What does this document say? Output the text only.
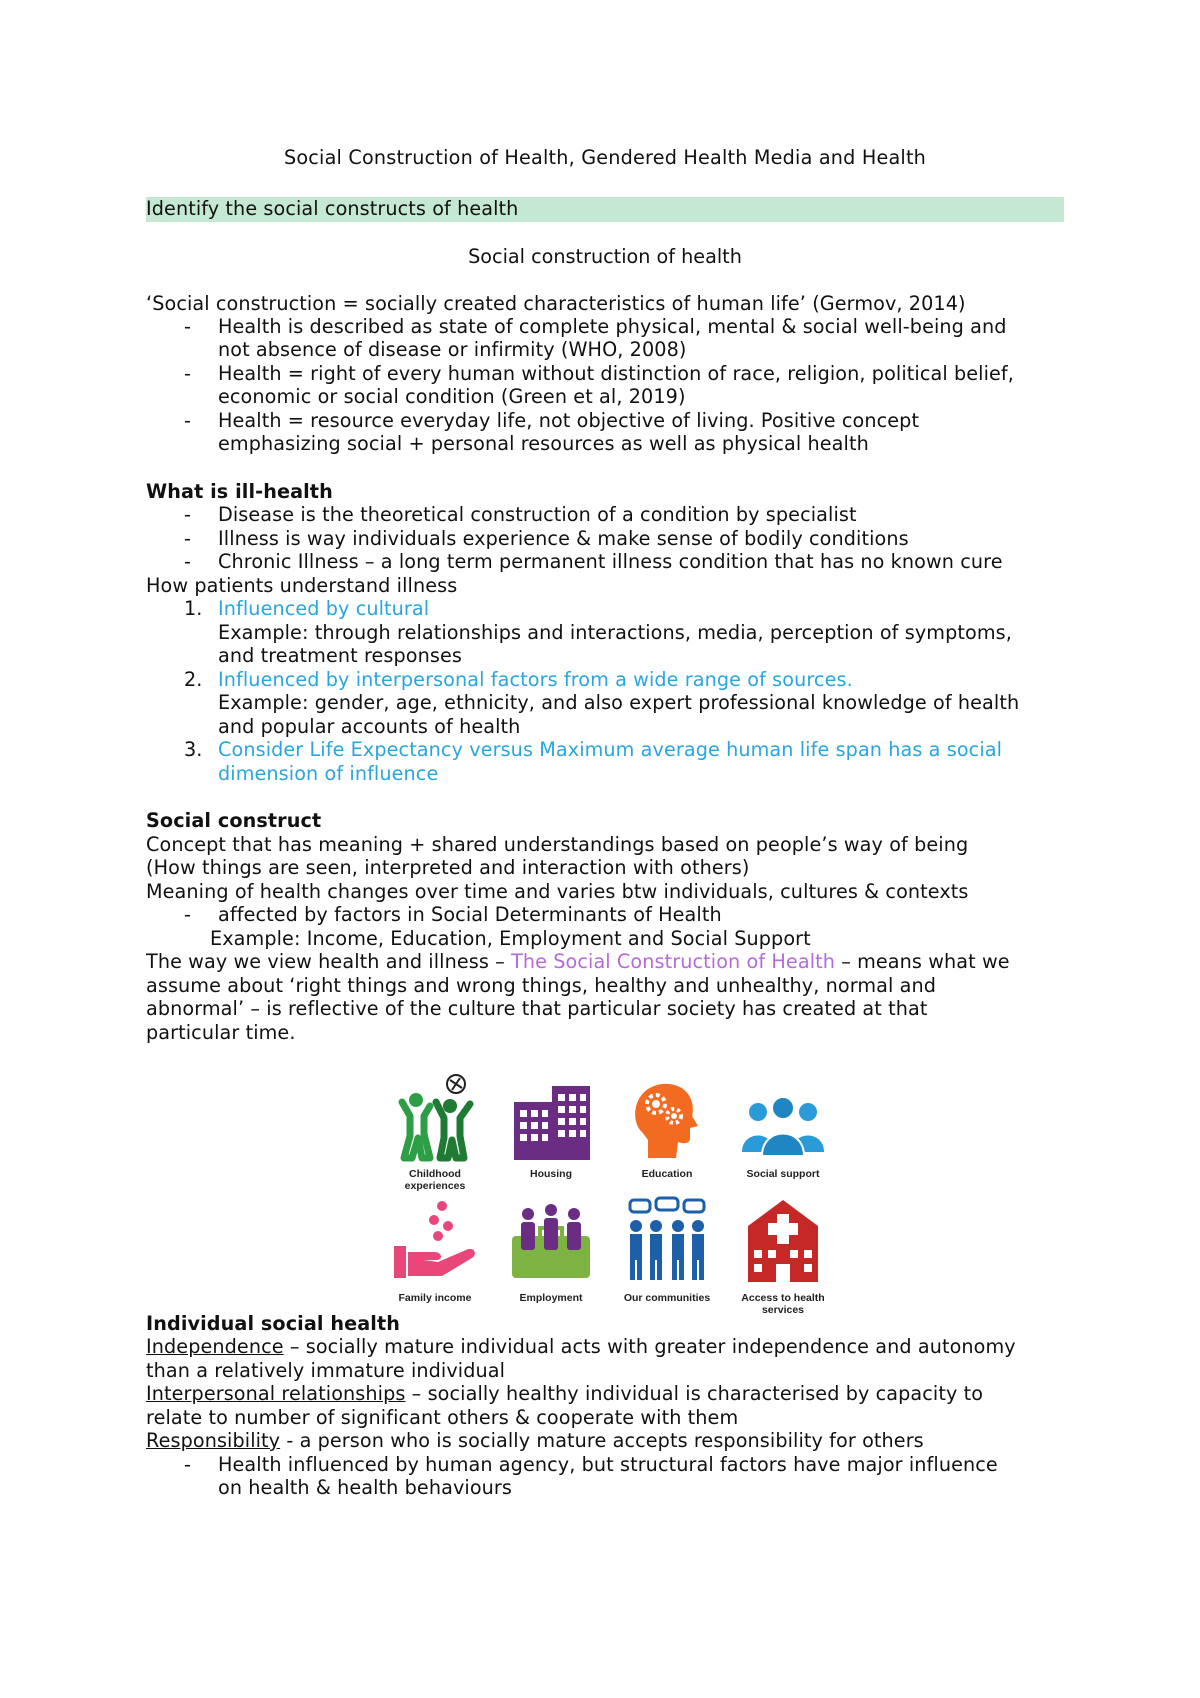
Social Construction of Health, Gendered Health Media and Health
Identify the social constructs of health
Social construction of health
‘Social construction = socially created characteristics of human life’ (Germov, 2014)
- Health is described as state of complete physical, mental & social well-being and
not absence of disease or infirmity (WHO, 2008)
- Health = right of every human without distinction of race, religion, political belief,
economic or social condition (Green et al, 2019)
- Health = resource everyday life, not objective of living. Positive concept
emphasizing social + personal resources as well as physical health
What is ill-health
- Disease is the theoretical construction of a condition by specialist
- Illness is way individuals experience & make sense of bodily conditions
- Chronic Illness – a long term permanent illness condition that has no known cure
How patients understand illness
1. Influenced by cultural
Example: through relationships and interactions, media, perception of symptoms,
and treatment responses
2. Influenced by interpersonal factors from a wide range of sources.
Example: gender, age, ethnicity, and also expert professional knowledge of health
and popular accounts of health
3. Consider Life Expectancy versus Maximum average human life span has a social
dimension of influence
Social construct
Concept that has meaning + shared understandings based on people’s way of being
(How things are seen, interpreted and interaction with others)
Meaning of health changes over time and varies btw individuals, cultures & contexts
- affected by factors in Social Determinants of Health
Example: Income, Education, Employment and Social Support
The way we view health and illness – The Social Construction of Health – means what we
assume about ‘right things and wrong things, healthy and unhealthy, normal and
abnormal’ – is reflective of the culture that particular society has created at that
particular time.
Individual social health
Independence – socially mature individual acts with greater independence and autonomy
than a relatively immature individual
Interpersonal relationships – socially healthy individual is characterised by capacity to
relate to number of significant others & cooperate with them
Responsibility - a person who is socially mature accepts responsibility for others
- Health influenced by human agency, but structural factors have major influence
on health & health behaviours
Childhood
experiences
Housing	Education	Social support
Family income	Employment	Our communities	Access to health
services
